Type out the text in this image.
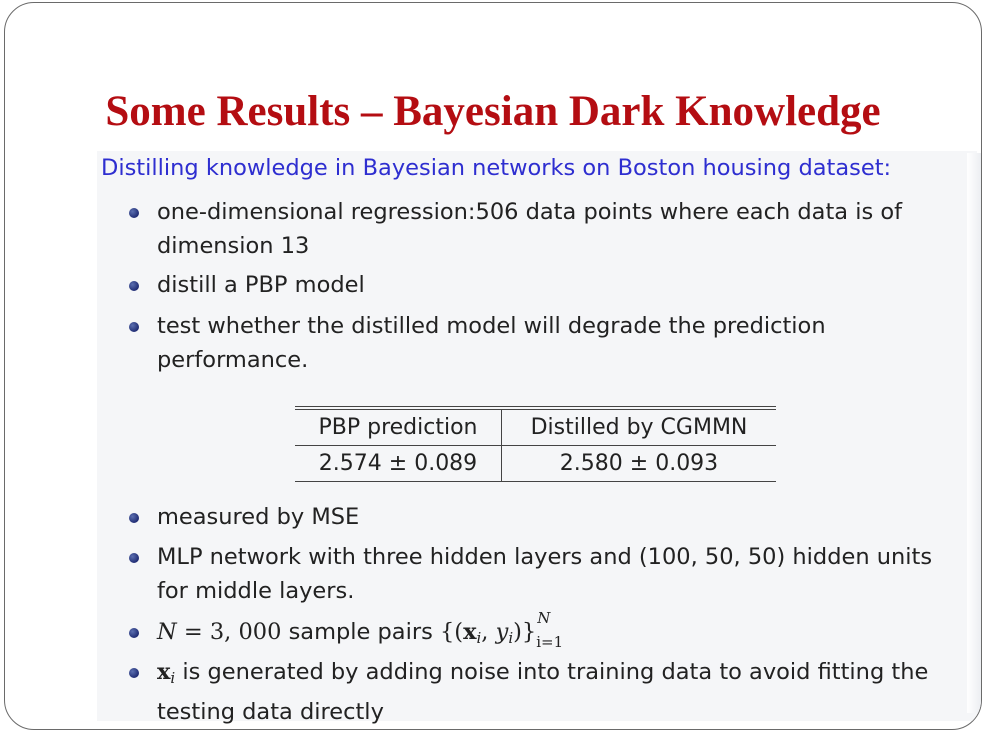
Some Results – Bayesian Dark Knowledge
Distilling knowledge in Bayesian networks on Boston housing dataset:
one-dimensional regression:506 data points where each data is of
dimension 13
distill a PBP model
test whether the distilled model will degrade the prediction
performance.
PBP prediction	Distilled by CGMMN
2.574 ± 0.089	2.580 ± 0.093
measured by MSE
MLP network with three hidden layers and (100, 50, 50) hidden units
for middle layers.
N = 3, 000 sample pairs {(xi, yi)}
N
i=1
xi is generated by adding noise into training data to avoid fitting the
testing data directly
